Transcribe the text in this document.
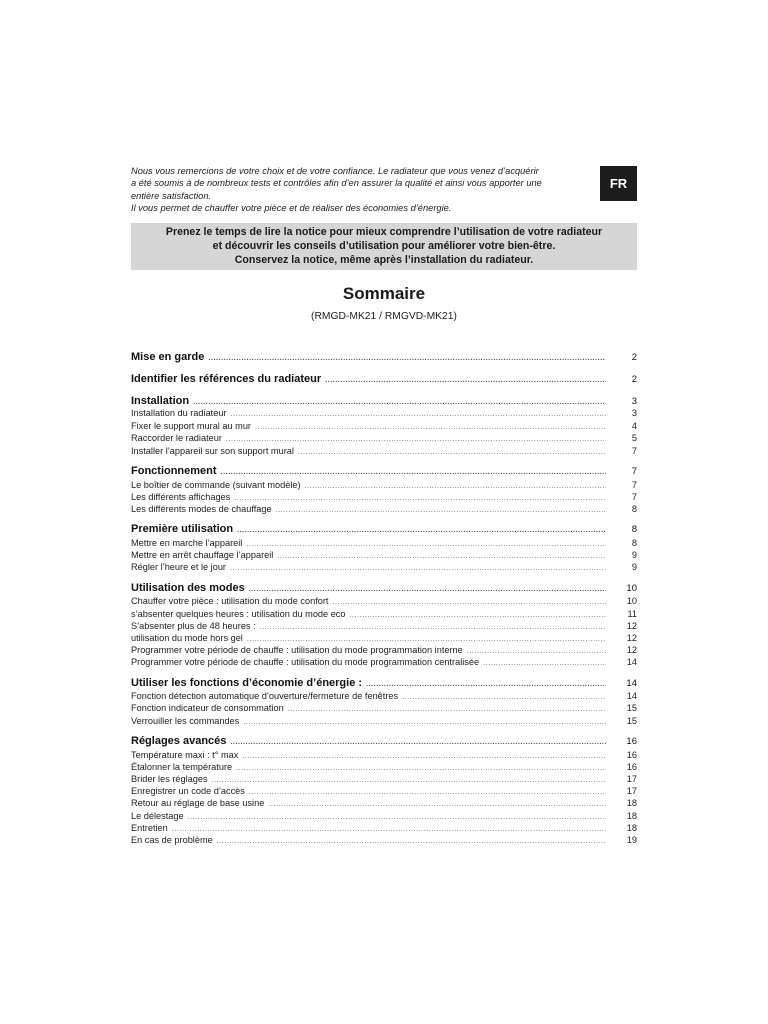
Nous vous remercions de votre choix et de votre confiance. Le radiateur que vous venez d’acquérir
a été soumis à de nombreux tests et contrôles afin d’en assurer la qualité et ainsi vous apporter une
entière satisfaction.
Il vous permet de chauffer votre pièce et de réaliser des économies d’énergie.
FR
Prenez le temps de lire la notice pour mieux comprendre l’utilisation de votre radiateur
et découvrir les conseils d’utilisation pour améliorer votre bien-être.
Conservez la notice, même après l’installation du radiateur.
Sommaire
(RMGD-MK21 / RMGVD-MK21)
Mise en garde .....	2
Identifier les références du radiateur .....	2
Installation .....	3
Installation du radiateur .....	3
Fixer le support mural au mur .....	4
Raccorder le radiateur .....	5
Installer l’appareil sur son support mural .....	7
Fonctionnement .....	7
Le boîtier de commande (suivant modèle) .....	7
Les différents affichages .....	7
Les différents modes de chauffage .....	8
Première utilisation .....	8
Mettre en marche l’appareil .....	8
Mettre en arrêt chauffage l’appareil .....	9
Régler l’heure et le jour .....	9
Utilisation des modes .....	10
Chauffer votre pièce : utilisation du mode confort .....	10
s’absenter quelques heures : utilisation du mode eco .....	11
S’absenter plus de 48 heures : .....	12
utilisation du mode hors gel .....	12
Programmer votre période de chauffe : utilisation du mode programmation interne .....	12
Programmer votre période de chauffe : utilisation du mode programmation centralisée .....	14
Utiliser les fonctions d’économie d’énergie : .....	14
Fonction détection automatique d’ouverture/fermeture de fenêtres .....	14
Fonction indicateur de consommation .....	15
Verrouiller les commandes .....	15
Réglages avancés .....	16
Température maxi : t° max .....	16
Étalonner la température .....	16
Brider les réglages .....	17
Enregistrer un code d’accès .....	17
Retour au réglage de base usine .....	18
Le délestage .....	18
Entretien .....	18
En cas de problème .....	19
